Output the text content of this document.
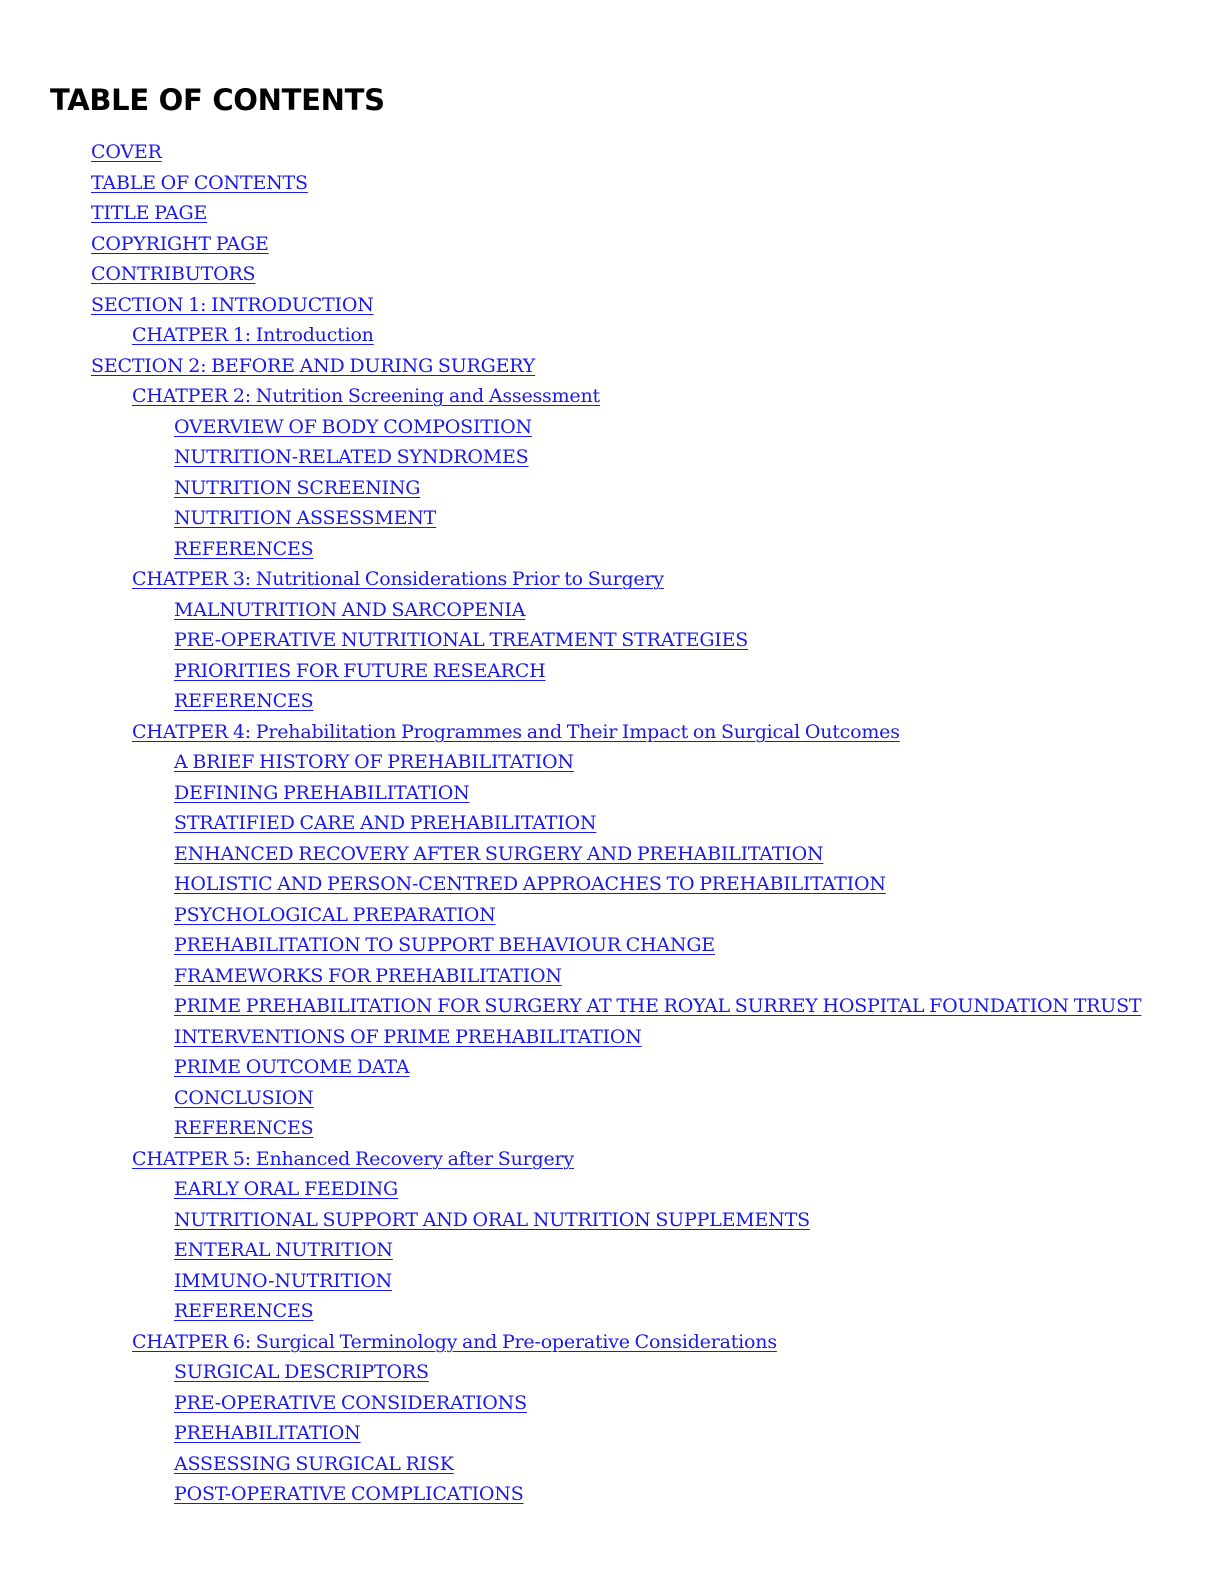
TABLE OF CONTENTS
COVER
TABLE OF CONTENTS
TITLE PAGE
COPYRIGHT PAGE
CONTRIBUTORS
SECTION 1: INTRODUCTION
CHATPER 1: Introduction
SECTION 2: BEFORE AND DURING SURGERY
CHATPER 2: Nutrition Screening and Assessment
OVERVIEW OF BODY COMPOSITION
NUTRITION-RELATED SYNDROMES
NUTRITION SCREENING
NUTRITION ASSESSMENT
REFERENCES
CHATPER 3: Nutritional Considerations Prior to Surgery
MALNUTRITION AND SARCOPENIA
PRE-OPERATIVE NUTRITIONAL TREATMENT STRATEGIES
PRIORITIES FOR FUTURE RESEARCH
REFERENCES
CHATPER 4: Prehabilitation Programmes and Their Impact on Surgical Outcomes
A BRIEF HISTORY OF PREHABILITATION
DEFINING PREHABILITATION
STRATIFIED CARE AND PREHABILITATION
ENHANCED RECOVERY AFTER SURGERY AND PREHABILITATION
HOLISTIC AND PERSON-CENTRED APPROACHES TO PREHABILITATION
PSYCHOLOGICAL PREPARATION
PREHABILITATION TO SUPPORT BEHAVIOUR CHANGE
FRAMEWORKS FOR PREHABILITATION
PRIME PREHABILITATION FOR SURGERY AT THE ROYAL SURREY HOSPITAL FOUNDATION TRUST
INTERVENTIONS OF PRIME PREHABILITATION
PRIME OUTCOME DATA
CONCLUSION
REFERENCES
CHATPER 5: Enhanced Recovery after Surgery
EARLY ORAL FEEDING
NUTRITIONAL SUPPORT AND ORAL NUTRITION SUPPLEMENTS
ENTERAL NUTRITION
IMMUNO-NUTRITION
REFERENCES
CHATPER 6: Surgical Terminology and Pre-operative Considerations
SURGICAL DESCRIPTORS
PRE-OPERATIVE CONSIDERATIONS
PREHABILITATION
ASSESSING SURGICAL RISK
POST-OPERATIVE COMPLICATIONS
